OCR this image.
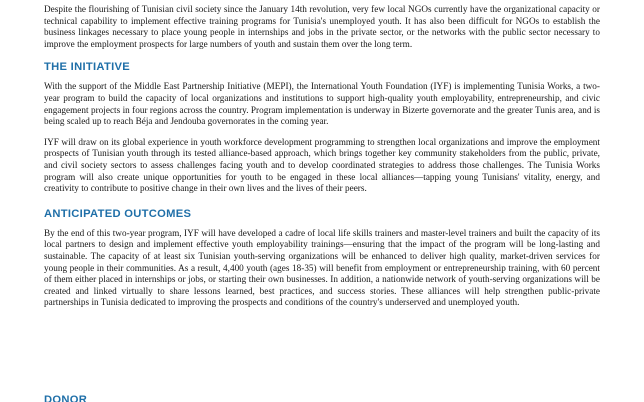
Despite the flourishing of Tunisian civil society since the January 14th revolution, very few local NGOs currently have the organizational capacity or technical capability to implement effective training programs for Tunisia's unemployed youth. It has also been difficult for NGOs to establish the business linkages necessary to place young people in internships and jobs in the private sector, or the networks with the public sector necessary to improve the employment prospects for large numbers of youth and sustain them over the long term.

THE INITIATIVE

With the support of the Middle East Partnership Initiative (MEPI), the International Youth Foundation (IYF) is implementing Tunisia Works, a two-year program to build the capacity of local organizations and institutions to support high-quality youth employability, entrepreneurship, and civic engagement projects in four regions across the country. Program implementation is underway in Bizerte governorate and the greater Tunis area, and is being scaled up to reach Béja and Jendouba governorates in the coming year.

IYF will draw on its global experience in youth workforce development programming to strengthen local organizations and improve the employment prospects of Tunisian youth through its tested alliance-based approach, which brings together key community stakeholders from the public, private, and civil society sectors to assess challenges facing youth and to develop coordinated strategies to address those challenges. The Tunisia Works program will also create unique opportunities for youth to be engaged in these local alliances—tapping young Tunisians' vitality, energy, and creativity to contribute to positive change in their own lives and the lives of their peers.

ANTICIPATED OUTCOMES

By the end of this two-year program, IYF will have developed a cadre of local life skills trainers and master-level trainers and built the capacity of its local partners to design and implement effective youth employability trainings—ensuring that the impact of the program will be long-lasting and sustainable. The capacity of at least six Tunisian youth-serving organizations will be enhanced to deliver high quality, market-driven services for young people in their communities. As a result, 4,400 youth (ages 18-35) will benefit from employment or entrepreneurship training, with 60 percent of them either placed in internships or jobs, or starting their own businesses. In addition, a nationwide network of youth-serving organizations will be created and linked virtually to share lessons learned, best practices, and success stories. These alliances will help strengthen public-private partnerships in Tunisia dedicated to improving the prospects and conditions of the country's underserved and unemployed youth.

DONOR
